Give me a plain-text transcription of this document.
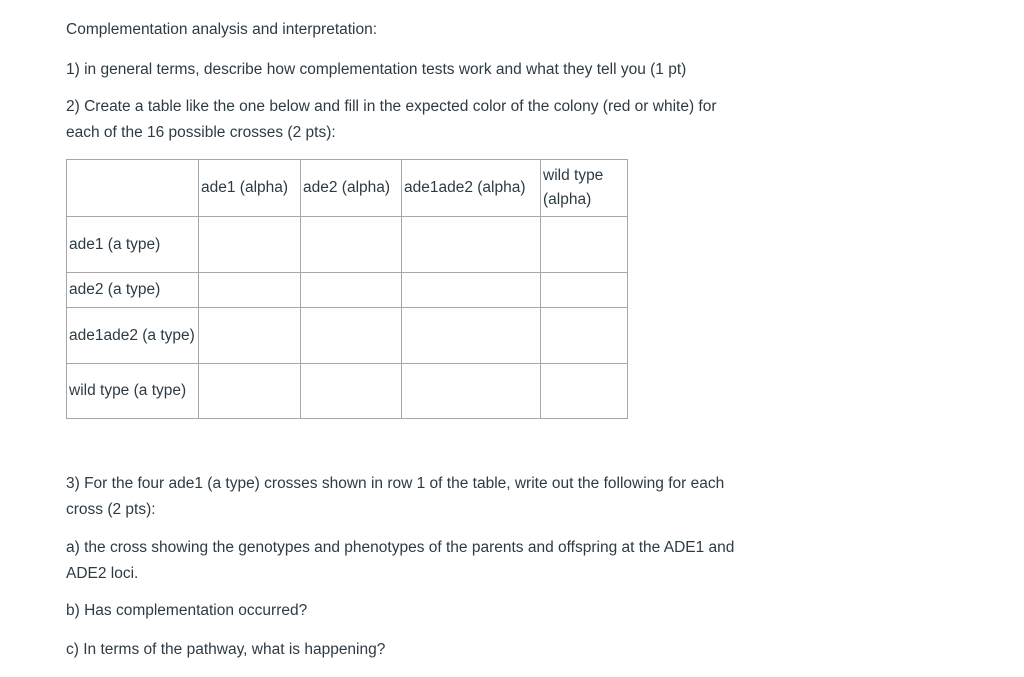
Complementation analysis and interpretation:
1) in general terms, describe how complementation tests work and what they tell you (1 pt)
2) Create a table like the one below and fill in the expected color of the colony (red or white) for
each of the 16 possible crosses (2 pts):
	ade1 (alpha)	ade2 (alpha)	ade1ade2 (alpha)	wild type (alpha)
ade1 (a type)				
ade2 (a type)				
ade1ade2 (a type)				
wild type (a type)				
3) For the four ade1 (a type) crosses shown in row 1 of the table, write out the following for each
cross (2 pts):
a) the cross showing the genotypes and phenotypes of the parents and offspring at the ADE1 and
ADE2 loci.
b) Has complementation occurred?
c) In terms of the pathway, what is happening?
